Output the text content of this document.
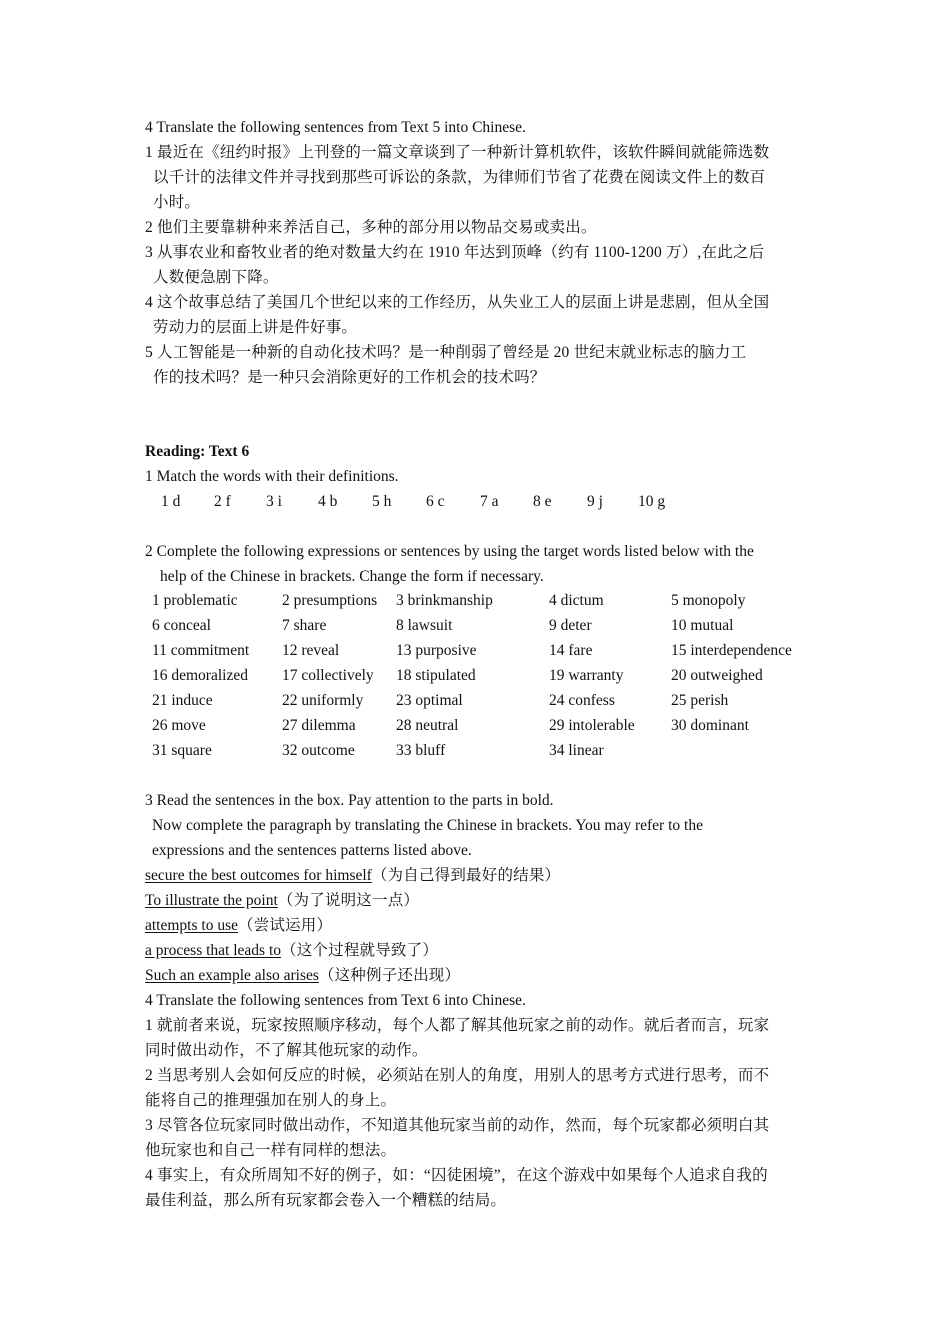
4 Translate the following sentences from Text 5 into Chinese.
1 最近在《纽约时报》上刊登的一篇文章谈到了一种新计算机软件，该软件瞬间就能筛选数
以千计的法律文件并寻找到那些可诉讼的条款，为律师们节省了花费在阅读文件上的数百
小时。
2 他们主要靠耕种来养活自己，多种的部分用以物品交易或卖出。
3 从事农业和畜牧业者的绝对数量大约在 1910 年达到顶峰（约有 1100-1200 万）,在此之后
人数便急剧下降。
4 这个故事总结了美国几个世纪以来的工作经历，从失业工人的层面上讲是悲剧，但从全国
劳动力的层面上讲是件好事。
5 人工智能是一种新的自动化技术吗？是一种削弱了曾经是 20 世纪末就业标志的脑力工
作的技术吗？是一种只会消除更好的工作机会的技术吗？
Reading: Text 6
1 Match the words with their definitions.
1 d 2 f 3 i 4 b 5 h 6 c 7 a 8 e 9 j 10 g
2 Complete the following expressions or sentences by using the target words listed below with the
help of the Chinese in brackets. Change the form if necessary.
1 problematic	2 presumptions 3 brinkmanship	4 dictum	5 monopoly
6 conceal	7 share	8 lawsuit	9 deter	10 mutual
11 commitment 12 reveal	13 purposive	14 fare	15 interdependence
16 demoralized 17 collectively 18 stipulated	19 warranty	20 outweighed
21 induce	22 uniformly 23 optimal	24 confess	25 perish
26 move	27 dilemma	28 neutral	29 intolerable 30 dominant
31 square	32 outcome	33 bluff	34 linear
3 Read the sentences in the box. Pay attention to the parts in bold.
Now complete the paragraph by translating the Chinese in brackets. You may refer to the
expressions and the sentences patterns listed above.
secure the best outcomes for himself（为自己得到最好的结果）
To illustrate the point（为了说明这一点）
attempts to use（尝试运用）
a process that leads to（这个过程就导致了）
Such an example also arises（这种例子还出现）
4 Translate the following sentences from Text 6 into Chinese.
1 就前者来说，玩家按照顺序移动，每个人都了解其他玩家之前的动作。就后者而言，玩家
同时做出动作，不了解其他玩家的动作。
2 当思考别人会如何反应的时候，必须站在别人的角度，用别人的思考方式进行思考，而不
能将自己的推理强加在别人的身上。
3 尽管各位玩家同时做出动作，不知道其他玩家当前的动作，然而，每个玩家都必须明白其
他玩家也和自己一样有同样的想法。
4 事实上，有众所周知不好的例子，如：“囚徒困境”，在这个游戏中如果每个人追求自我的
最佳利益，那么所有玩家都会卷入一个糟糕的结局。
